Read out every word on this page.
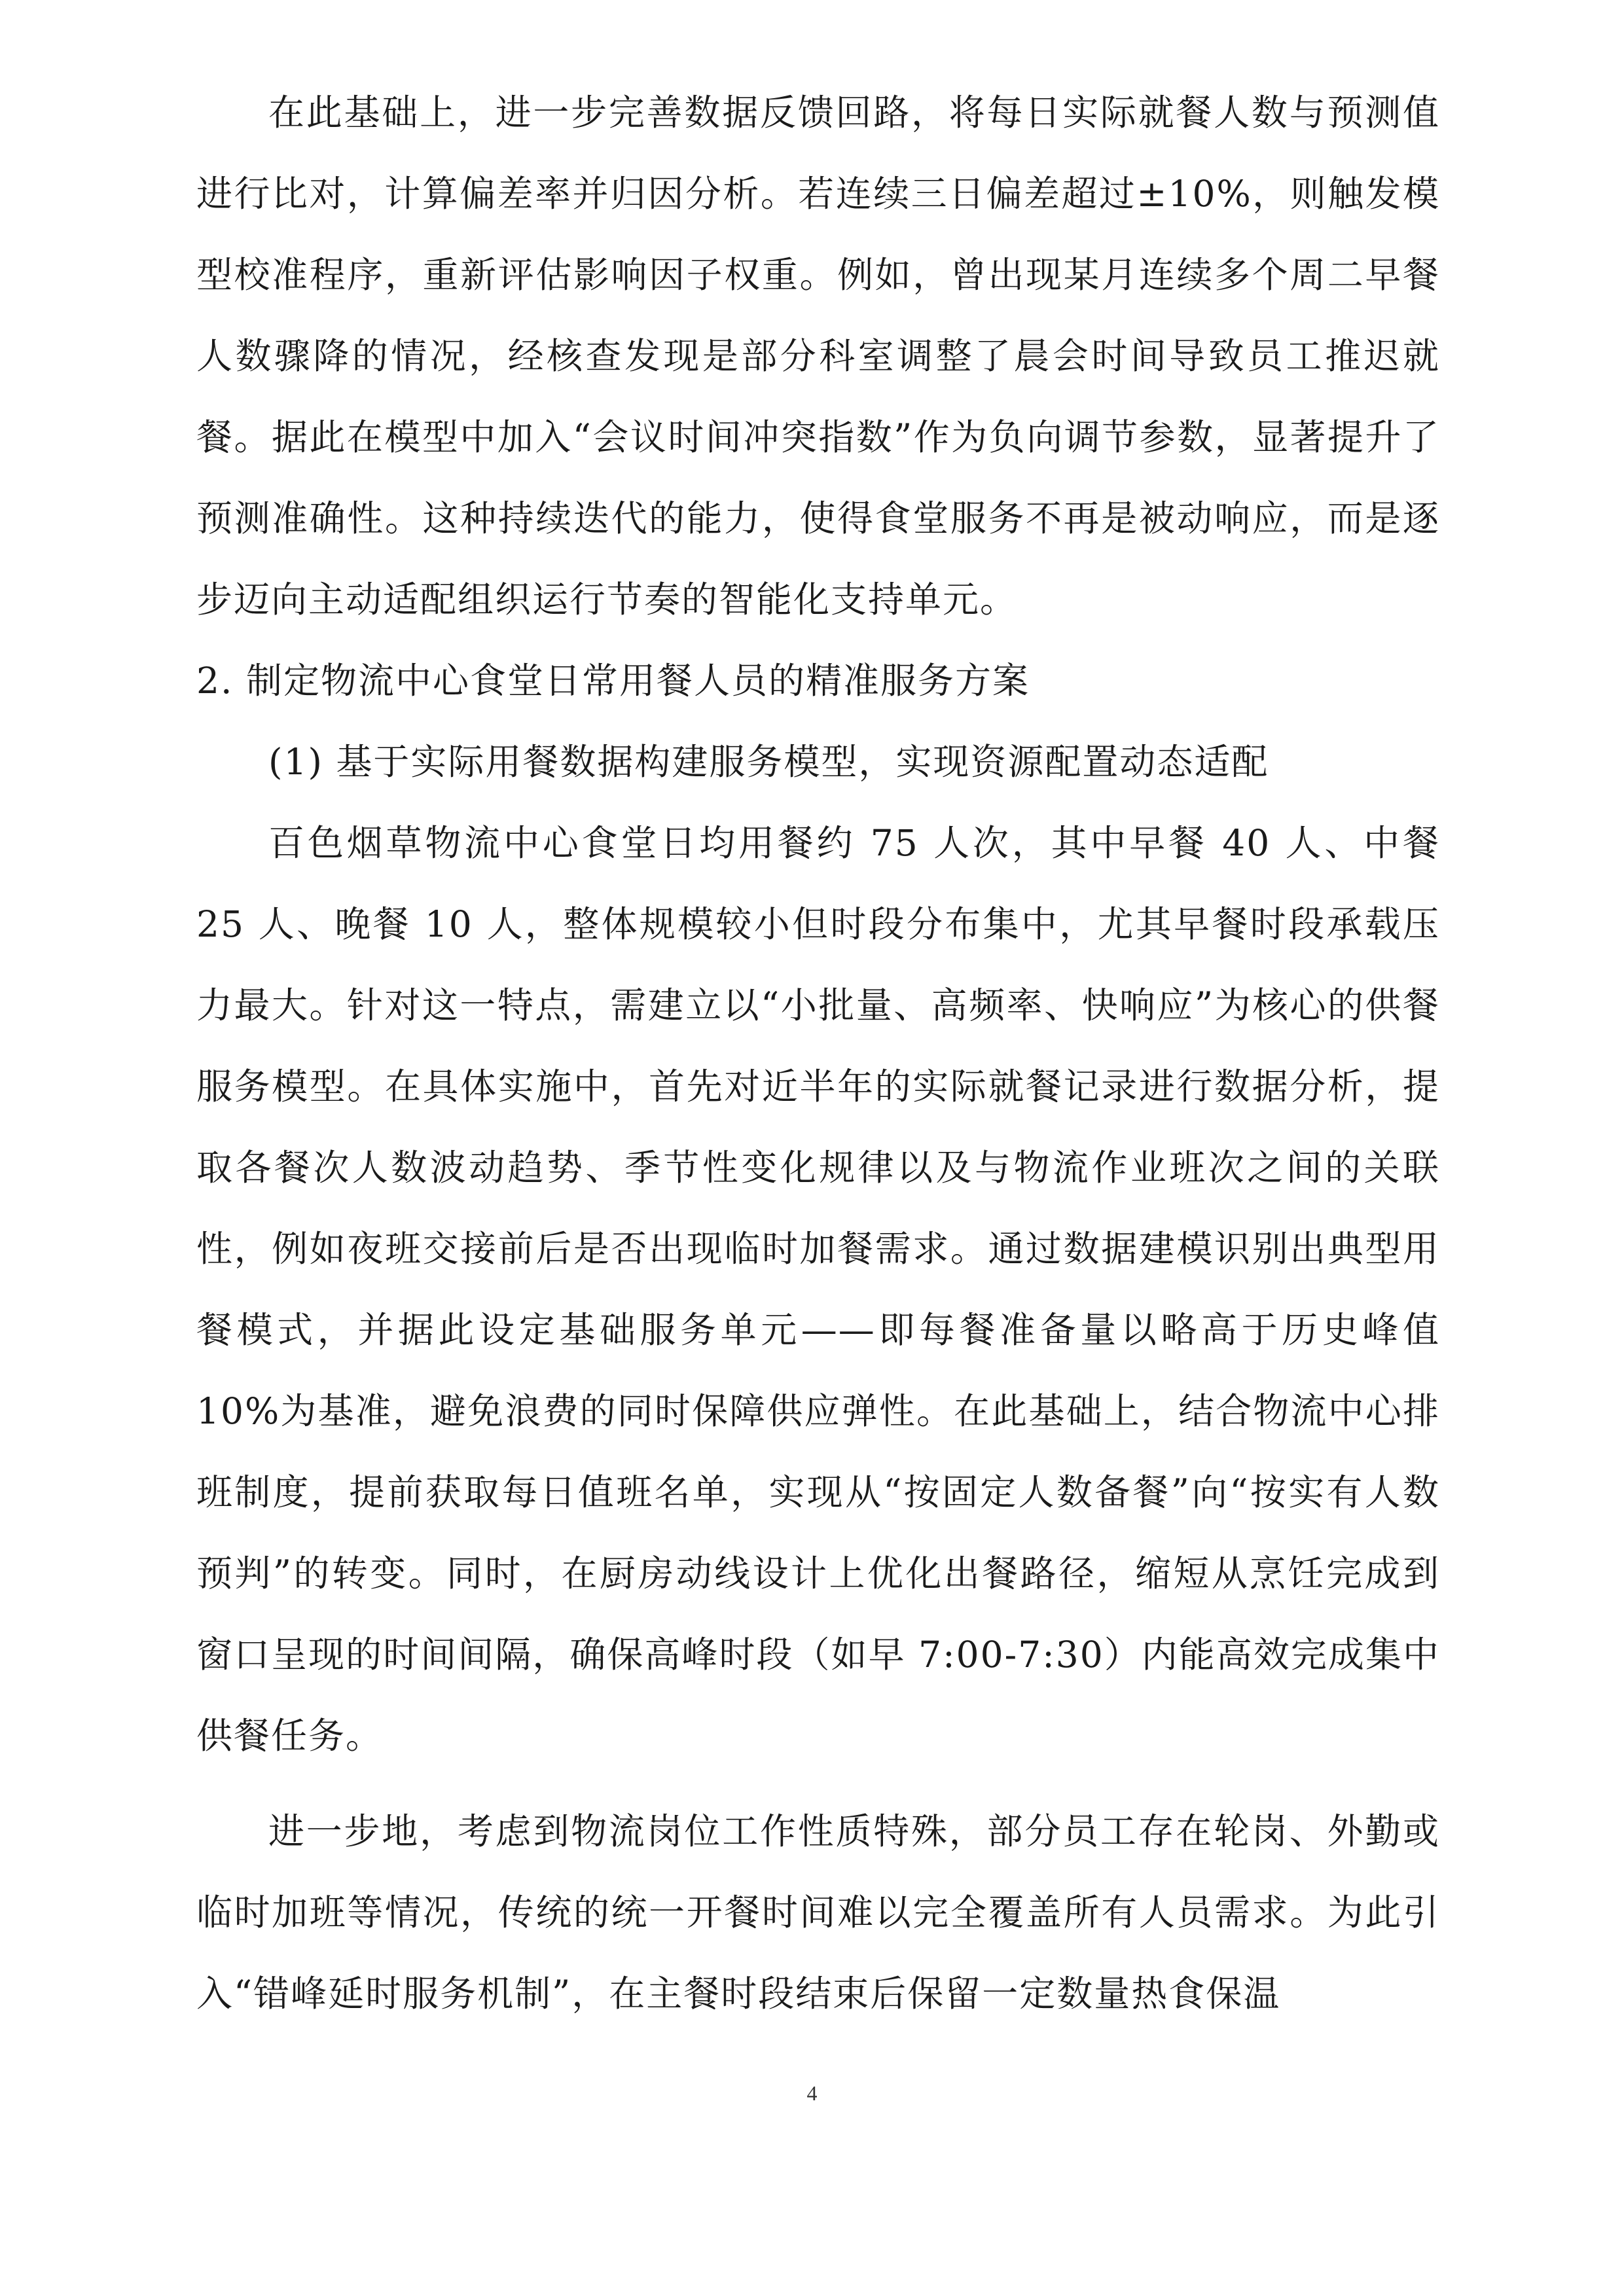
在此基础上，进一步完善数据反馈回路，将每日实际就餐人数与预测值进行比对，计算偏差率并归因分析。若连续三日偏差超过±10%，则触发模型校准程序，重新评估影响因子权重。例如，曾出现某月连续多个周二早餐人数骤降的情况，经核查发现是部分科室调整了晨会时间导致员工推迟就餐。据此在模型中加入“会议时间冲突指数”作为负向调节参数，显著提升了预测准确性。这种持续迭代的能力，使得食堂服务不再是被动响应，而是逐步迈向主动适配组织运行节奏的智能化支持单元。

2. 制定物流中心食堂日常用餐人员的精准服务方案

(1) 基于实际用餐数据构建服务模型，实现资源配置动态适配

百色烟草物流中心食堂日均用餐约 75 人次，其中早餐 40 人、中餐 25 人、晚餐 10 人，整体规模较小但时段分布集中，尤其早餐时段承载压力最大。针对这一特点，需建立以“小批量、高频率、快响应”为核心的供餐服务模型。在具体实施中，首先对近半年的实际就餐记录进行数据分析，提取各餐次人数波动趋势、季节性变化规律以及与物流作业班次之间的关联性，例如夜班交接前后是否出现临时加餐需求。通过数据建模识别出典型用餐模式，并据此设定基础服务单元——即每餐准备量以略高于历史峰值 10%为基准，避免浪费的同时保障供应弹性。在此基础上，结合物流中心排班制度，提前获取每日值班名单，实现从“按固定人数备餐”向“按实有人数预判”的转变。同时，在厨房动线设计上优化出餐路径，缩短从烹饪完成到窗口呈现的时间间隔，确保高峰时段（如早 7:00-7:30）内能高效完成集中供餐任务。

进一步地，考虑到物流岗位工作性质特殊，部分员工存在轮岗、外勤或临时加班等情况，传统的统一开餐时间难以完全覆盖所有人员需求。为此引入“错峰延时服务机制”，在主餐时段结束后保留一定数量热食保温

4
